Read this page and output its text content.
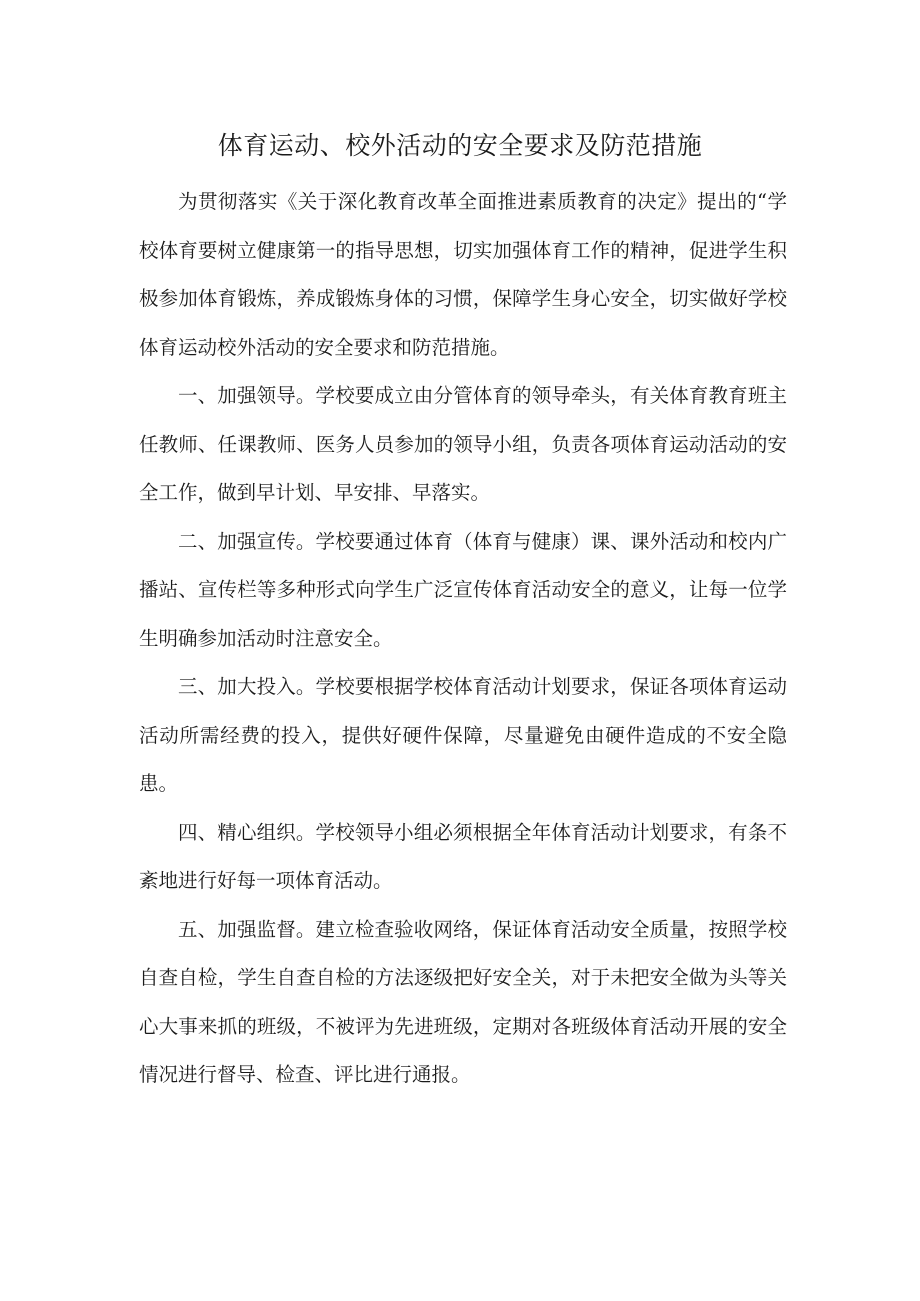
体育运动、校外活动的安全要求及防范措施

为贯彻落实《关于深化教育改革全面推进素质教育的决定》提出的“学校体育要树立健康第一的指导思想，切实加强体育工作的精神，促进学生积极参加体育锻炼，养成锻炼身体的习惯，保障学生身心安全，切实做好学校体育运动校外活动的安全要求和防范措施。

一、加强领导。学校要成立由分管体育的领导牵头，有关体育教育班主任教师、任课教师、医务人员参加的领导小组，负责各项体育运动活动的安全工作，做到早计划、早安排、早落实。

二、加强宣传。学校要通过体育（体育与健康）课、课外活动和校内广播站、宣传栏等多种形式向学生广泛宣传体育活动安全的意义，让每一位学生明确参加活动时注意安全。

三、加大投入。学校要根据学校体育活动计划要求，保证各项体育运动活动所需经费的投入，提供好硬件保障，尽量避免由硬件造成的不安全隐患。

四、精心组织。学校领导小组必须根据全年体育活动计划要求，有条不紊地进行好每一项体育活动。

五、加强监督。建立检查验收网络，保证体育活动安全质量，按照学校自查自检，学生自查自检的方法逐级把好安全关，对于未把安全做为头等关心大事来抓的班级，不被评为先进班级，定期对各班级体育活动开展的安全情况进行督导、检查、评比进行通报。
